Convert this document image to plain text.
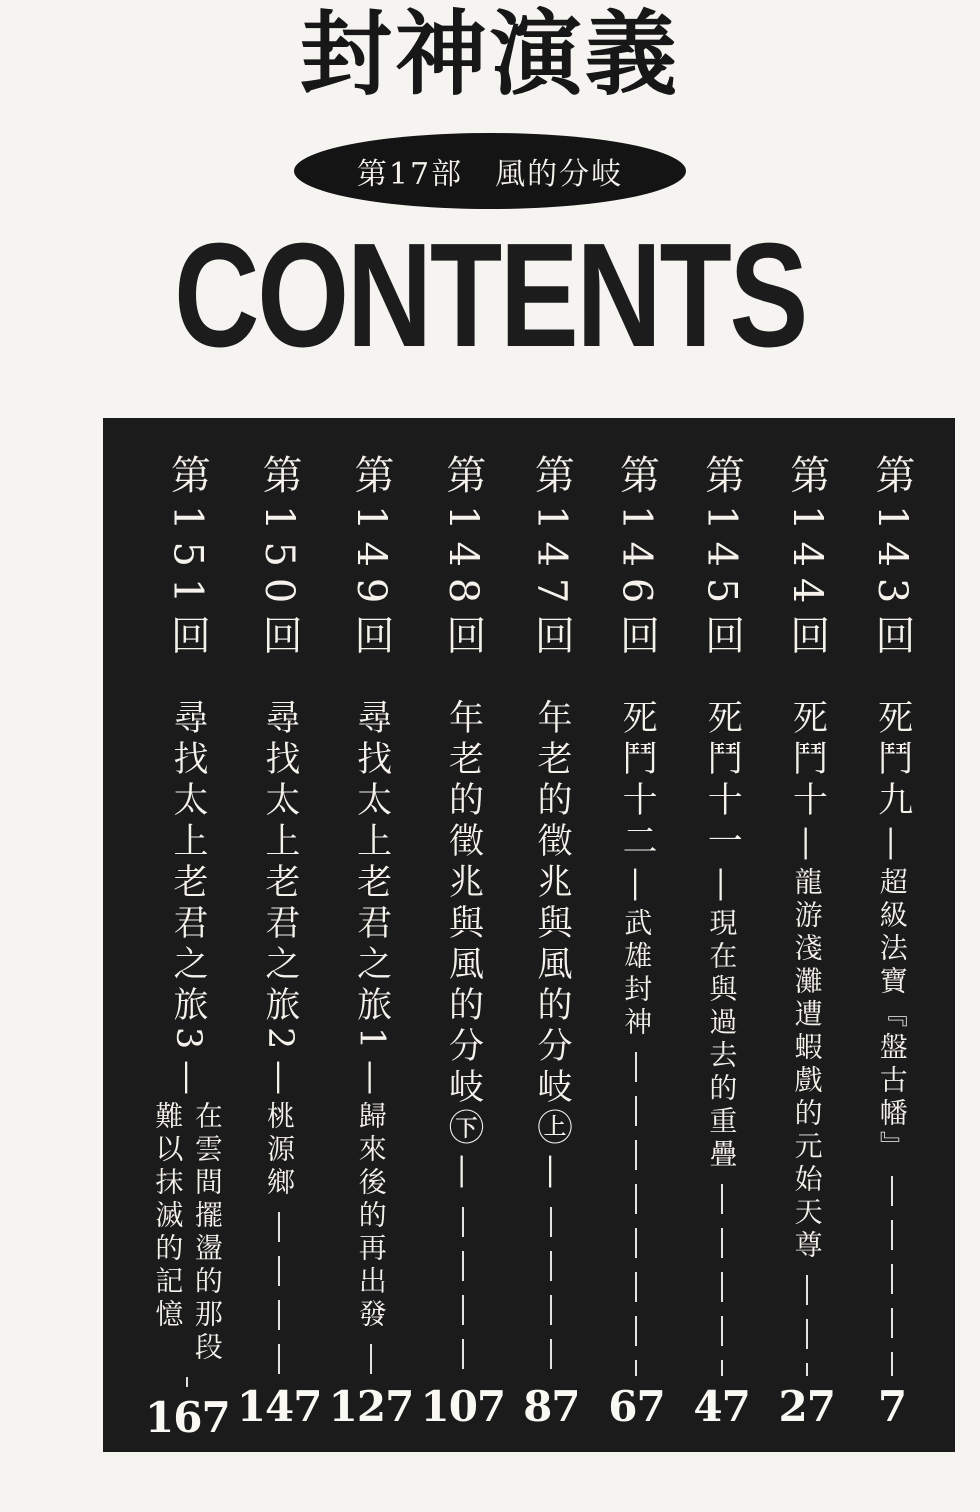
封神演義
第17部　風的分岐
CONTENTS
第143回
死鬥九—
超級法寶『盤古幡』
7
第144回
死鬥十—
龍游淺灘遭蝦戲的元始天尊
27
第145回
死鬥十一—
現在與過去的重疊
47
第146回
死鬥十二—
武雄封神
67
第147回
年老的徵兆與風的分岐㊤—
87
第148回
年老的徵兆與風的分岐㊦—
107
第149回
尋找太上老君之旅1—
歸來後的再出發
127
第150回
尋找太上老君之旅2—
桃源鄉
147
第151回
尋找太上老君之旅3—
在雲間擺盪的那段
難以抹滅的記憶
167
